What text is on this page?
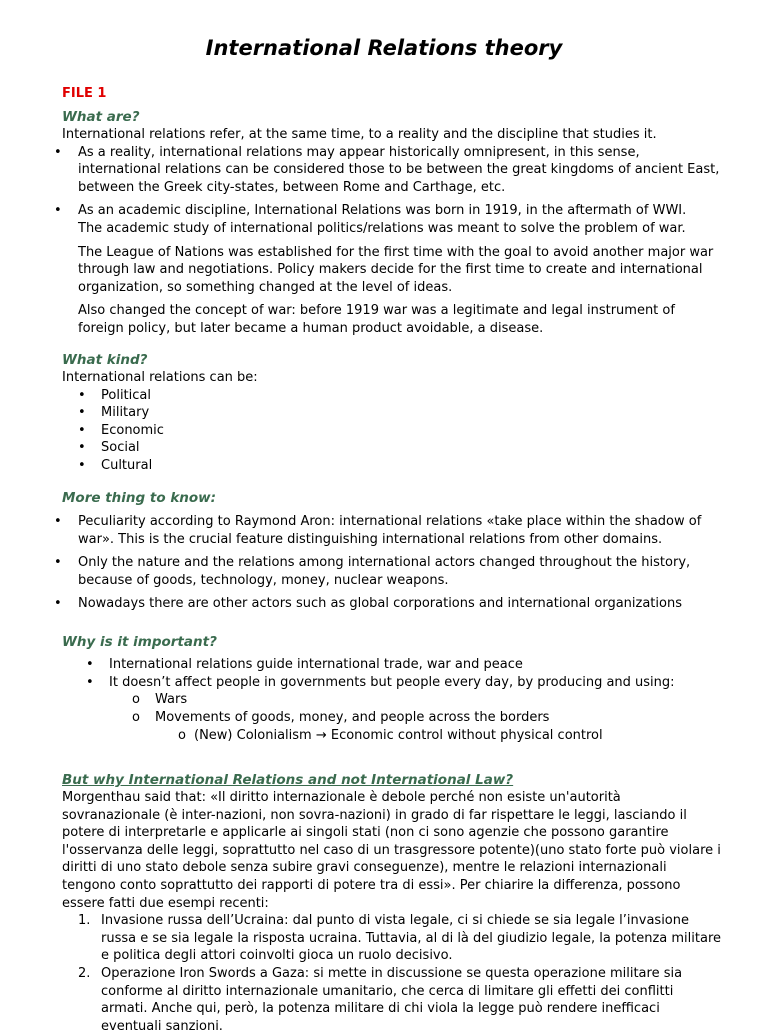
International Relations theory
FILE 1

What are?

International relations refer, at the same time, to a reality and the discipline that studies it.

• As a reality, international relations may appear historically omnipresent, in this sense, international relations can be considered those to be between the great kingdoms of ancient East, between the Greek city-states, between Rome and Carthage, etc.
• As an academic discipline, International Relations was born in 1919, in the aftermath of WWI.
The academic study of international politics/relations was meant to solve the problem of war.

The League of Nations was established for the first time with the goal to avoid another major war through law and negotiations. Policy makers decide for the first time to create and international organization, so something changed at the level of ideas.

Also changed the concept of war: before 1919 war was a legitimate and legal instrument of foreign policy, but later became a human product avoidable, a disease.

What kind?

International relations can be:

• Political
• Military
• Economic
• Social
• Cultural

More thing to know:

• Peculiarity according to Raymond Aron: international relations «take place within the shadow of war». This is the crucial feature distinguishing international relations from other domains.
• Only the nature and the relations among international actors changed throughout the history, because of goods, technology, money, nuclear weapons.
• Nowadays there are other actors such as global corporations and international organizations

Why is it important?

• International relations guide international trade, war and peace
• It doesn’t affect people in governments but people every day, by producing and using:
o Wars
o Movements of goods, money, and people across the borders
o (New) Colonialism → Economic control without physical control

But why International Relations and not International Law?

Morgenthau said that: «Il diritto internazionale è debole perché non esiste un'autorità sovranazionale (è inter-nazioni, non sovra-nazioni) in grado di far rispettare le leggi, lasciando il potere di interpretarle e applicarle ai singoli stati (non ci sono agenzie che possono garantire l'osservanza delle leggi, soprattutto nel caso di un trasgressore potente)(uno stato forte può violare i diritti di uno stato debole senza subire gravi conseguenze), mentre le relazioni internazionali tengono conto soprattutto dei rapporti di potere tra di essi». Per chiarire la differenza, possono essere fatti due esempi recenti:

1. Invasione russa dell’Ucraina: dal punto di vista legale, ci si chiede se sia legale l’invasione russa e se sia legale la risposta ucraina. Tuttavia, al di là del giudizio legale, la potenza militare e politica degli attori coinvolti gioca un ruolo decisivo.
2. Operazione Iron Swords a Gaza: si mette in discussione se questa operazione militare sia conforme al diritto internazionale umanitario, che cerca di limitare gli effetti dei conflitti armati. Anche qui, però, la potenza militare di chi viola la legge può rendere inefficaci eventuali sanzioni.
